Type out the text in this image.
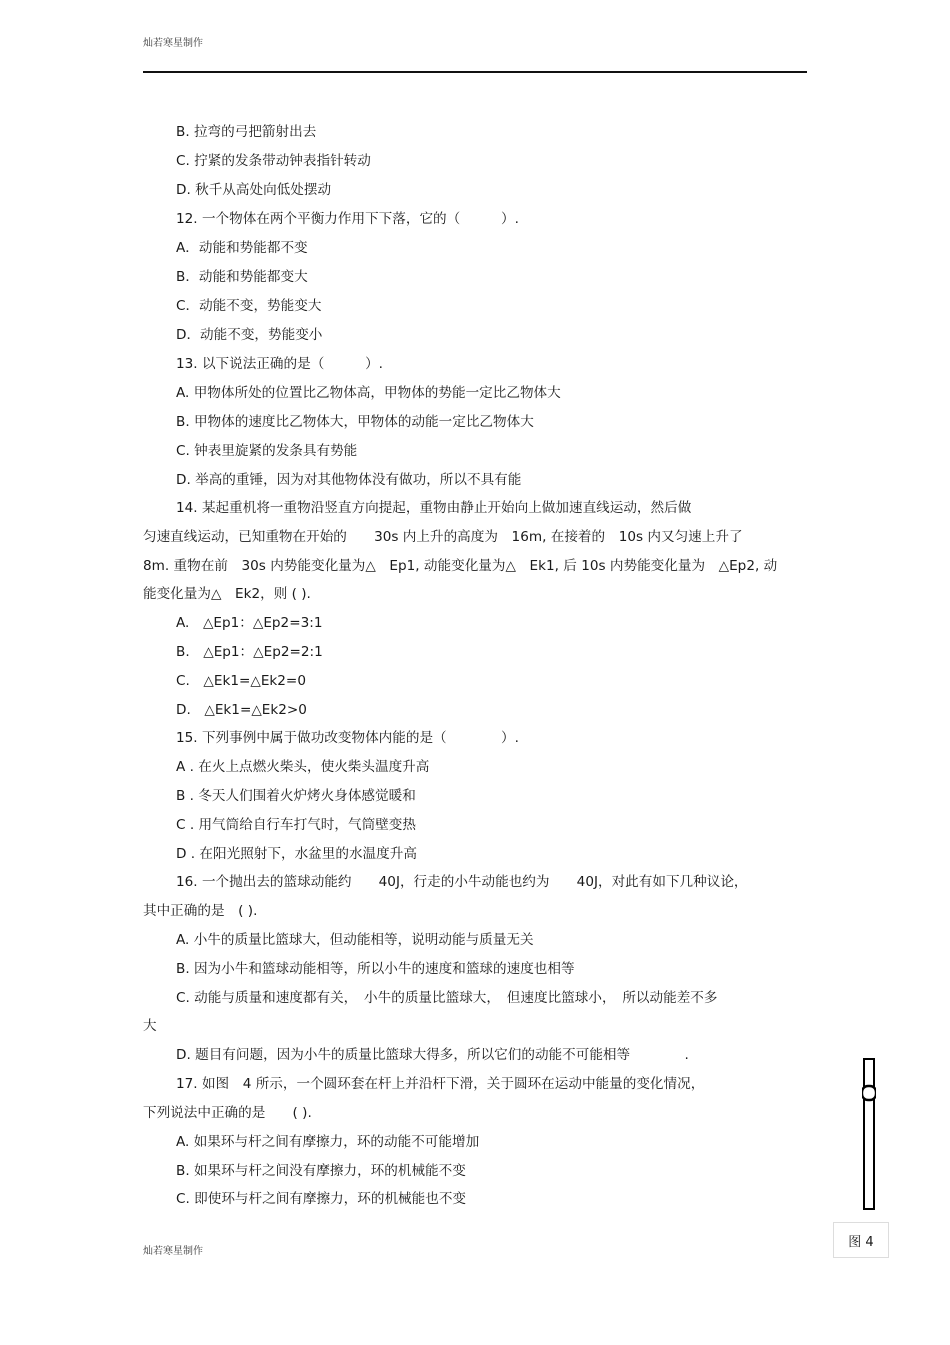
灿若寒星制作
B. 拉弯的弓把箭射出去
C. 拧紧的发条带动钟表指针转动
D. 秋千从高处向低处摆动
12. 一个物体在两个平衡力作用下下落，它的（　　　）.
A．动能和势能都不变
B．动能和势能都变大
C．动能不变，势能变大
D．动能不变，势能变小
13. 以下说法正确的是（　　　）.
A. 甲物体所处的位置比乙物体高，甲物体的势能一定比乙物体大
B. 甲物体的速度比乙物体大，甲物体的动能一定比乙物体大
C. 钟表里旋紧的发条具有势能
D. 举高的重锤，因为对其他物体没有做功，所以不具有能
14. 某起重机将一重物沿竖直方向提起，重物由静止开始向上做加速直线运动，然后做
匀速直线运动，已知重物在开始的　　30s 内上升的高度为　16m, 在接着的　10s 内又匀速上升了
8m. 重物在前　30s 内势能变化量为△　Ep1, 动能变化量为△　Ek1, 后 10s 内势能变化量为　△Ep2, 动
能变化量为△　Ek2，则 ( ).
A.　△Ep1：△Ep2=3:1
B.　△Ep1：△Ep2=2:1
C.　△Ek1=△Ek2=0
D.　△Ek1=△Ek2>0
15. 下列事例中属于做功改变物体内能的是（　　　　）.
A . 在火上点燃火柴头，使火柴头温度升高
B . 冬天人们围着火炉烤火身体感觉暖和
C . 用气筒给自行车打气时，气筒壁变热
D . 在阳光照射下，水盆里的水温度升高
16. 一个抛出去的篮球动能约　　40J，行走的小牛动能也约为　　40J，对此有如下几种议论，
其中正确的是　( ).
A. 小牛的质量比篮球大，但动能相等，说明动能与质量无关
B. 因为小牛和篮球动能相等，所以小牛的速度和篮球的速度也相等
C. 动能与质量和速度都有关，　小牛的质量比篮球大，　但速度比篮球小，　所以动能差不多
大
D. 题目有问题，因为小牛的质量比篮球大得多，所以它们的动能不可能相等　　　　.
17. 如图　4 所示，一个圆环套在杆上并沿杆下滑，关于圆环在运动中能量的变化情况，
下列说法中正确的是　　( ).
A. 如果环与杆之间有摩擦力，环的动能不可能增加
B. 如果环与杆之间没有摩擦力，环的机械能不变
C. 即使环与杆之间有摩擦力，环的机械能也不变
图 4
灿若寒星制作
